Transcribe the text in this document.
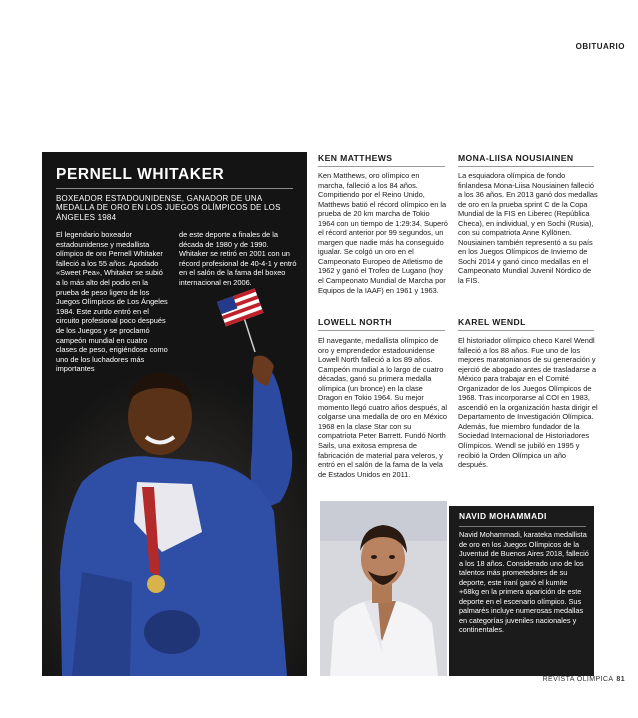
OBITUARIO
PERNELL WHITAKER
BOXEADOR ESTADOUNIDENSE, GANADOR DE UNA MEDALLA DE ORO EN LOS JUEGOS OLÍMPICOS DE LOS ÁNGELES 1984
El legendario boxeador estadounidense y medallista olímpico de oro Pernell Whitaker falleció a los 55 años. Apodado «Sweet Pea», Whitaker se subió a lo más alto del podio en la prueba de peso ligero de los Juegos Olímpicos de Los Ángeles 1984. Este zurdo entró en el circuito profesional poco después de los Juegos y se proclamó campeón mundial en cuatro clases de peso, erigiéndose como uno de los luchadores más importantes
de este deporte a finales de la década de 1980 y de 1990. Whitaker se retiró en 2001 con un récord profesional de 40-4-1 y entró en el salón de la fama del boxeo internacional en 2006.
KEN MATTHEWS
Ken Matthews, oro olímpico en marcha, falleció a los 84 años. Compitiendo por el Reino Unido, Matthews batió el récord olímpico en la prueba de 20 km marcha de Tokio 1964 con un tiempo de 1:29:34. Superó el récord anterior por 99 segundos, un margen que nadie más ha conseguido igualar. Se colgó un oro en el Campeonato Europeo de Atletismo de 1962 y ganó el Trofeo de Lugano (hoy el Campeonato Mundial de Marcha por Equipos de la IAAF) en 1961 y 1963.
MONA-LIISA NOUSIAINEN
La esquiadora olímpica de fondo finlandesa Mona-Liisa Nousiainen falleció a los 36 años. En 2013 ganó dos medallas de oro en la prueba sprint C de la Copa Mundial de la FIS en Liberec (República Checa), en individual, y en Sochi (Rusia), con su compatriota Anne Kyllönen. Nousiainen también representó a su país en los Juegos Olímpicos de Invierno de Sochi 2014 y ganó cinco medallas en el Campeonato Mundial Juvenil Nórdico de la FIS.
LOWELL NORTH
El navegante, medallista olímpico de oro y emprendedor estadounidense Lowell North falleció a los 89 años. Campeón mundial a lo largo de cuatro décadas, ganó su primera medalla olímpica (un bronce) en la clase Dragon en Tokio 1964. Su mejor momento llegó cuatro años después, al colgarse una medalla de oro en México 1968 en la clase Star con su compatriota Peter Barrett. Fundó North Sails, una exitosa empresa de fabricación de material para veleros, y entró en el salón de la fama de la vela de Estados Unidos en 2011.
KAREL WENDL
El historiador olímpico checo Karel Wendl falleció a los 88 años. Fue uno de los mejores maratonianos de su generación y ejerció de abogado antes de trasladarse a México para trabajar en el Comité Organizador de los Juegos Olímpicos de 1968. Tras incorporarse al COI en 1983, ascendió en la organización hasta dirigir el Departamento de Investigación Olímpica. Además, fue miembro fundador de la Sociedad Internacional de Historiadores Olímpicos. Wendl se jubiló en 1995 y recibió la Orden Olímpica un año después.
NAVID MOHAMMADI
Navid Mohammadi, karateka medallista de oro en los Juegos Olímpicos de la Juventud de Buenos Aires 2018, falleció a los 18 años. Considerado uno de los talentos más prometedores de su deporte, este iraní ganó el kumite +68kg en la primera aparición de este deporte en el escenario olímpico. Sus palmarés incluye numerosas medallas en categorías juveniles nacionales y continentales.
REVISTA OLÍMPICA 81
